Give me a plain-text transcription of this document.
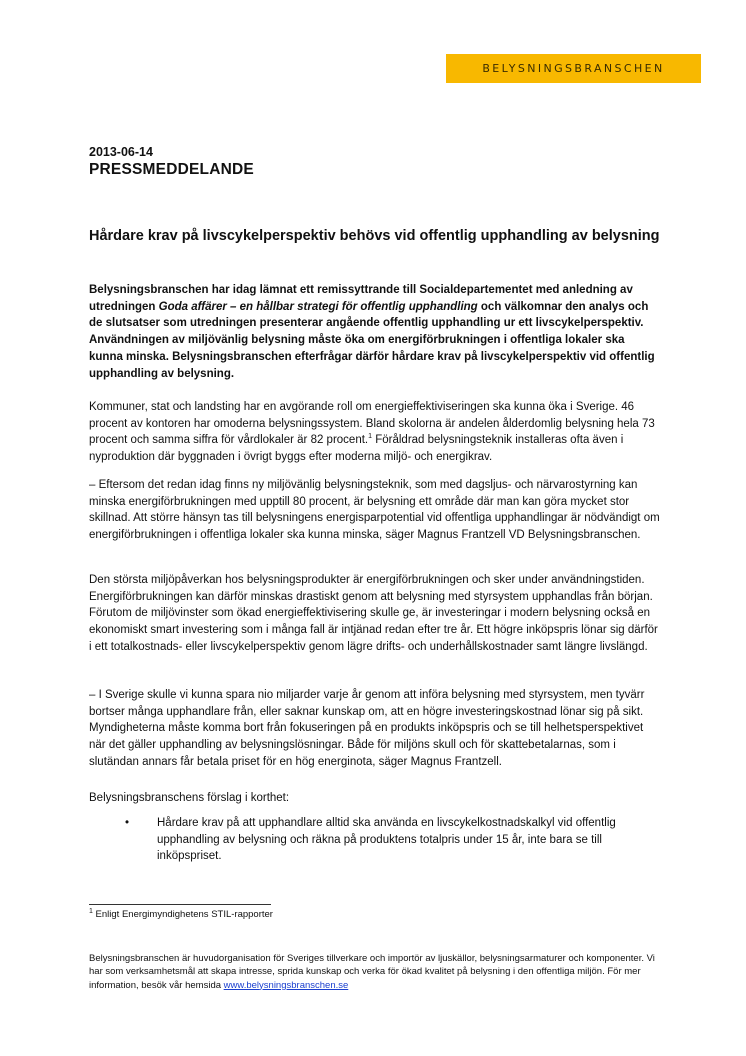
BELYSNINGSBRANSCHEN
2013-06-14
PRESSMEDDELANDE
Hårdare krav på livscykelperspektiv behövs vid offentlig upphandling av belysning
Belysningsbranschen har idag lämnat ett remissyttrande till Socialdepartementet med anledning av utredningen Goda affärer – en hållbar strategi för offentlig upphandling och välkomnar den analys och de slutsatser som utredningen presenterar angående offentlig upphandling ur ett livscykelperspektiv. Användningen av miljövänlig belysning måste öka om energiförbrukningen i offentliga lokaler ska kunna minska. Belysningsbranschen efterfrågar därför hårdare krav på livscykelperspektiv vid offentlig upphandling av belysning.
Kommuner, stat och landsting har en avgörande roll om energieffektiviseringen ska kunna öka i Sverige. 46 procent av kontoren har omoderna belysningssystem. Bland skolorna är andelen ålderdomlig belysning hela 73 procent och samma siffra för vårdlokaler är 82 procent.$^1$ Föråldrad belysningsteknik installeras ofta även i nyproduktion där byggnaden i övrigt byggs efter moderna miljö- och energikrav.
– Eftersom det redan idag finns ny miljövänlig belysningsteknik, som med dagsljus- och närvarostyrning kan minska energiförbrukningen med upptill 80 procent, är belysning ett område där man kan göra mycket stor skillnad. Att större hänsyn tas till belysningens energisparpotential vid offentliga upphandlingar är nödvändigt om energiförbrukningen i offentliga lokaler ska kunna minska, säger Magnus Frantzell VD Belysningsbranschen.
Den största miljöpåverkan hos belysningsprodukter är energiförbrukningen och sker under användningstiden. Energiförbrukningen kan därför minskas drastiskt genom att belysning med styrsystem upphandlas från början. Förutom de miljövinster som ökad energieffektivisering skulle ge, är investeringar i modern belysning också en ekonomiskt smart investering som i många fall är intjänad redan efter tre år. Ett högre inköpspris lönar sig därför i ett totalkostnads- eller livscykelperspektiv genom lägre drifts- och underhållskostnader samt längre livslängd.
– I Sverige skulle vi kunna spara nio miljarder varje år genom att införa belysning med styrsystem, men tyvärr bortser många upphandlare från, eller saknar kunskap om, att en högre investeringskostnad lönar sig på sikt. Myndigheterna måste komma bort från fokuseringen på en produkts inköpspris och se till helhetsperspektivet när det gäller upphandling av belysningslösningar. Både för miljöns skull och för skattebetalarnas, som i slutändan annars får betala priset för en hög energinota, säger Magnus Frantzell.
Belysningsbranschens förslag i korthet:
•	Hårdare krav på att upphandlare alltid ska använda en livscykelkostnadskalkyl vid offentlig upphandling av belysning och räkna på produktens totalpris under 15 år, inte bara se till inköpspriset.
$^1$ Enligt Energimyndighetens STIL-rapporter
Belysningsbranschen är huvudorganisation för Sveriges tillverkare och importör av ljuskällor, belysningsarmaturer och komponenter. Vi har som verksamhetsmål att skapa intresse, sprida kunskap och verka för ökad kvalitet på belysning i den offentliga miljön. För mer information, besök vår hemsida www.belysningsbranschen.se
